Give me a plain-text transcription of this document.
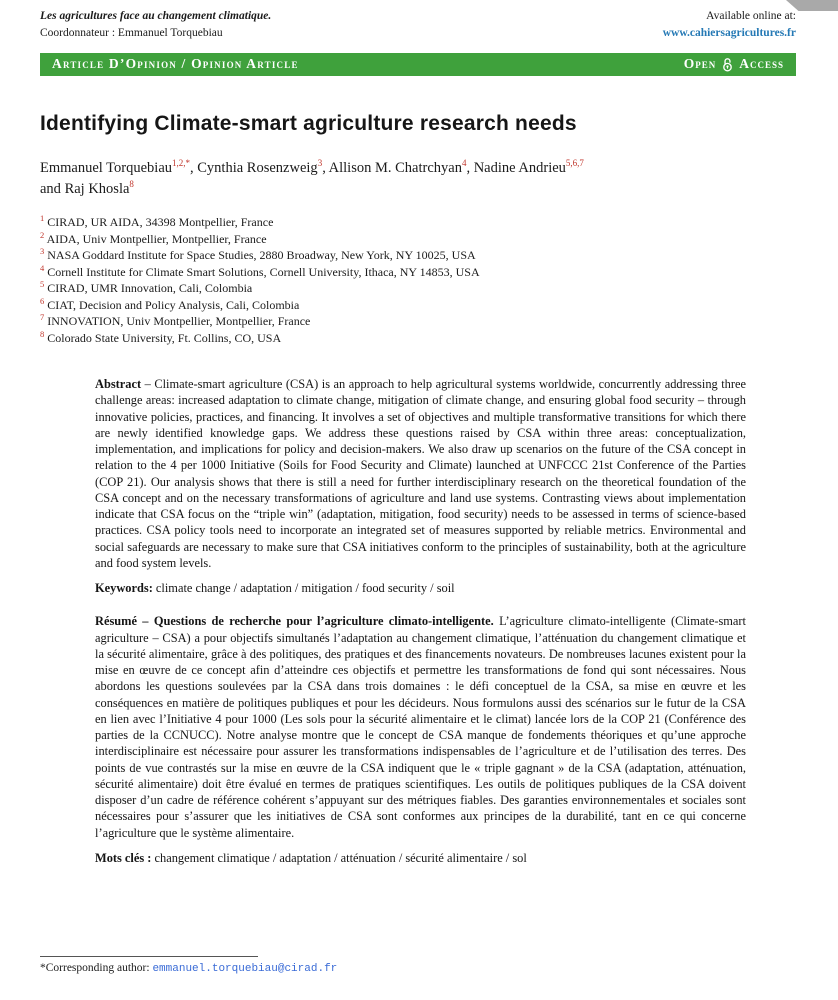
Les agricultures face au changement climatique.
Coordonnateur : Emmanuel Torquebiau
Available online at:
www.cahiersagricultures.fr
Article D’Opinion / Opinion Article	Open Access
Identifying Climate-smart agriculture research needs

Emmanuel Torquebiau$^{1,2,*}$, Cynthia Rosenzweig$^3$, Allison M. Chatrchyan$^4$, Nadine Andrieu$^{5,6,7}$
and Raj Khosla$^8$

$^1$ CIRAD, UR AIDA, 34398 Montpellier, France
$^2$ AIDA, Univ Montpellier, Montpellier, France
$^3$ NASA Goddard Institute for Space Studies, 2880 Broadway, New York, NY 10025, USA
$^4$ Cornell Institute for Climate Smart Solutions, Cornell University, Ithaca, NY 14853, USA
$^5$ CIRAD, UMR Innovation, Cali, Colombia
$^6$ CIAT, Decision and Policy Analysis, Cali, Colombia
$^7$ INNOVATION, Univ Montpellier, Montpellier, France
$^8$ Colorado State University, Ft. Collins, CO, USA

Abstract – Climate-smart agriculture (CSA) is an approach to help agricultural systems worldwide, concurrently addressing three challenge areas: increased adaptation to climate change, mitigation of climate change, and ensuring global food security – through innovative policies, practices, and financing. It involves a set of objectives and multiple transformative transitions for which there are newly identified knowledge gaps. We address these questions raised by CSA within three areas: conceptualization, implementation, and implications for policy and decision-makers. We also draw up scenarios on the future of the CSA concept in relation to the 4 per 1000 Initiative (Soils for Food Security and Climate) launched at UNFCCC 21st Conference of the Parties (COP 21). Our analysis shows that there is still a need for further interdisciplinary research on the theoretical foundation of the CSA concept and on the necessary transformations of agriculture and land use systems. Contrasting views about implementation indicate that CSA focus on the “triple win” (adaptation, mitigation, food security) needs to be assessed in terms of science-based practices. CSA policy tools need to incorporate an integrated set of measures supported by reliable metrics. Environmental and social safeguards are necessary to make sure that CSA initiatives conform to the principles of sustainability, both at the agriculture and food system levels.

Keywords: climate change / adaptation / mitigation / food security / soil

Résumé – Questions de recherche pour l’agriculture climato-intelligente. L’agriculture climato-intelligente (Climate-smart agriculture – CSA) a pour objectifs simultanés l’adaptation au changement climatique, l’atténuation du changement climatique et la sécurité alimentaire, grâce à des politiques, des pratiques et des financements novateurs. De nombreuses lacunes existent pour la mise en œuvre de ce concept afin d’atteindre ces objectifs et permettre les transformations de fond qui sont nécessaires. Nous abordons les questions soulevées par la CSA dans trois domaines : le défi conceptuel de la CSA, sa mise en œuvre et les conséquences en matière de politiques publiques et pour les décideurs. Nous formulons aussi des scénarios sur le futur de la CSA en lien avec l’Initiative 4 pour 1000 (Les sols pour la sécurité alimentaire et le climat) lancée lors de la COP 21 (Conférence des parties de la CCNUCC). Notre analyse montre que le concept de CSA manque de fondements théoriques et qu’une approche interdisciplinaire est nécessaire pour assurer les transformations indispensables de l’agriculture et de l’utilisation des terres. Des points de vue contrastés sur la mise en œuvre de la CSA indiquent que le « triple gagnant » de la CSA (adaptation, atténuation, sécurité alimentaire) doit être évalué en termes de pratiques scientifiques. Les outils de politiques publiques de la CSA doivent disposer d’un cadre de référence cohérent s’appuyant sur des métriques fiables. Des garanties environnementales et sociales sont nécessaires pour s’assurer que les initiatives de CSA sont conformes aux principes de la durabilité, tant en ce qui concerne l’agriculture que le système alimentaire.

Mots clés : changement climatique / adaptation / atténuation / sécurité alimentaire / sol

*Corresponding author: emmanuel.torquebiau@cirad.fr
